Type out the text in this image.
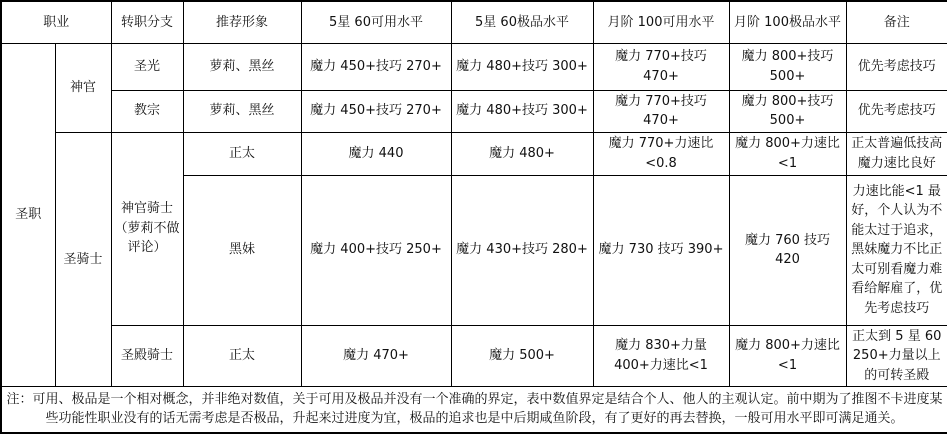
职业		转职分支	推荐形象	5星 60可用水平	5星 60极品水平	月阶 100可用水平	月阶 100极品水平	备注
圣职	神官	圣光	萝莉、黑丝	魔力 450+技巧 270+	魔力 480+技巧 300+	魔力 770+技巧 470+	魔力 800+技巧 500+	优先考虑技巧
		教宗	萝莉、黑丝	魔力 450+技巧 270+	魔力 480+技巧 300+	魔力 770+技巧 470+	魔力 800+技巧 500+	优先考虑技巧
	圣骑士	神官骑士（萝莉不做评论）	正太	魔力 440	魔力 480+	魔力 770+力速比<0.8	魔力 800+力速比<1	正太普遍低技高魔力速比良好
			黑妹	魔力 400+技巧 250+	魔力 430+技巧 280+	魔力 730 技巧 390+	魔力 760 技巧 420	力速比能<1 最好，个人认为不能太过于追求，黑妹魔力不比正太可别看魔力难看给解雇了，优先考虑技巧
		圣殿骑士	正太	魔力 470+	魔力 500+	魔力 830+力量 400+力速比<1	魔力 800+力速比<1	正太到 5 星 60 250+力量以上的可转圣殿
注：可用、极品是一个相对概念，并非绝对数值，关于可用及极品并没有一个准确的界定，表中数值界定是结合个人、他人的主观认定。前中期为了推图不卡进度某些功能性职业没有的话无需考虑是否极品，升起来过进度为宜，极品的追求也是中后期咸鱼阶段，有了更好的再去替换，一般可用水平即可满足通关。								
